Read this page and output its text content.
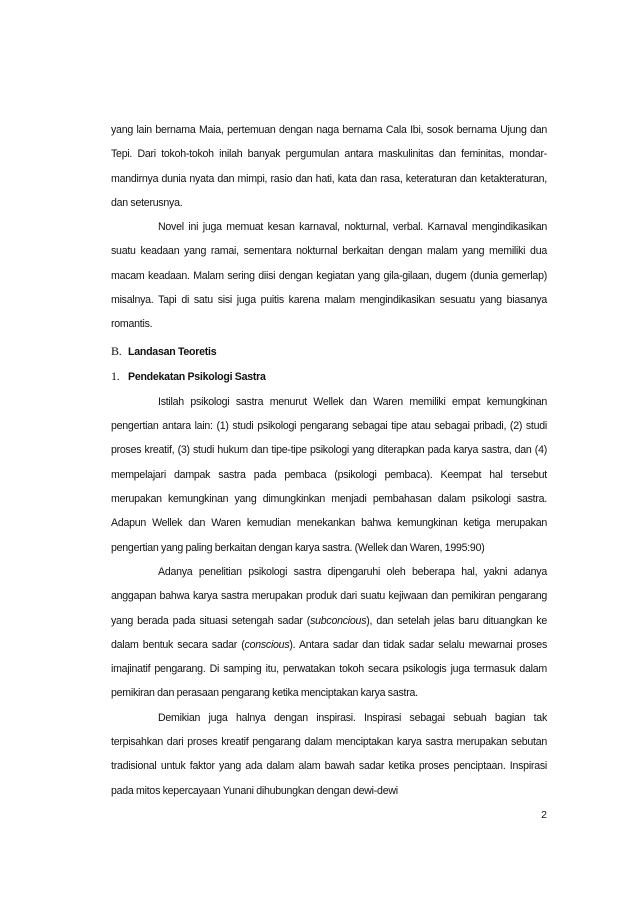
yang lain bernama Maia, pertemuan dengan naga bernama Cala Ibi, sosok bernama Ujung dan Tepi. Dari tokoh-tokoh inilah banyak pergumulan antara maskulinitas dan feminitas, mondar-mandirnya dunia nyata dan mimpi, rasio dan hati, kata dan rasa, keteraturan dan ketakteraturan, dan seterusnya.

Novel ini juga memuat kesan karnaval, nokturnal, verbal. Karnaval mengindikasikan suatu keadaan yang ramai, sementara nokturnal berkaitan dengan malam yang memiliki dua macam keadaan. Malam sering diisi dengan kegiatan yang gila-gilaan, dugem (dunia gemerlap) misalnya. Tapi di satu sisi juga puitis karena malam mengindikasikan sesuatu yang biasanya romantis.

B. Landasan Teoretis

1. Pendekatan Psikologi Sastra

Istilah psikologi sastra menurut Wellek dan Waren memiliki empat kemungkinan pengertian antara lain: (1) studi psikologi pengarang sebagai tipe atau sebagai pribadi, (2) studi proses kreatif, (3) studi hukum dan tipe-tipe psikologi yang diterapkan pada karya sastra, dan (4) mempelajari dampak sastra pada pembaca (psikologi pembaca). Keempat hal tersebut merupakan kemungkinan yang dimungkinkan menjadi pembahasan dalam psikologi sastra. Adapun Wellek dan Waren kemudian menekankan bahwa kemungkinan ketiga merupakan pengertian yang paling berkaitan dengan karya sastra. (Wellek dan Waren, 1995:90)

Adanya penelitian psikologi sastra dipengaruhi oleh beberapa hal, yakni adanya anggapan bahwa karya sastra merupakan produk dari suatu kejiwaan dan pemikiran pengarang yang berada pada situasi setengah sadar (subconcious), dan setelah jelas baru dituangkan ke dalam bentuk secara sadar (conscious). Antara sadar dan tidak sadar selalu mewarnai proses imajinatif pengarang. Di samping itu, perwatakan tokoh secara psikologis juga termasuk dalam pemikiran dan perasaan pengarang ketika menciptakan karya sastra.

Demikian juga halnya dengan inspirasi. Inspirasi sebagai sebuah bagian tak terpisahkan dari proses kreatif pengarang dalam menciptakan karya sastra merupakan sebutan tradisional untuk faktor yang ada dalam alam bawah sadar ketika proses penciptaan. Inspirasi pada mitos kepercayaan Yunani dihubungkan dengan dewi-dewi

2
